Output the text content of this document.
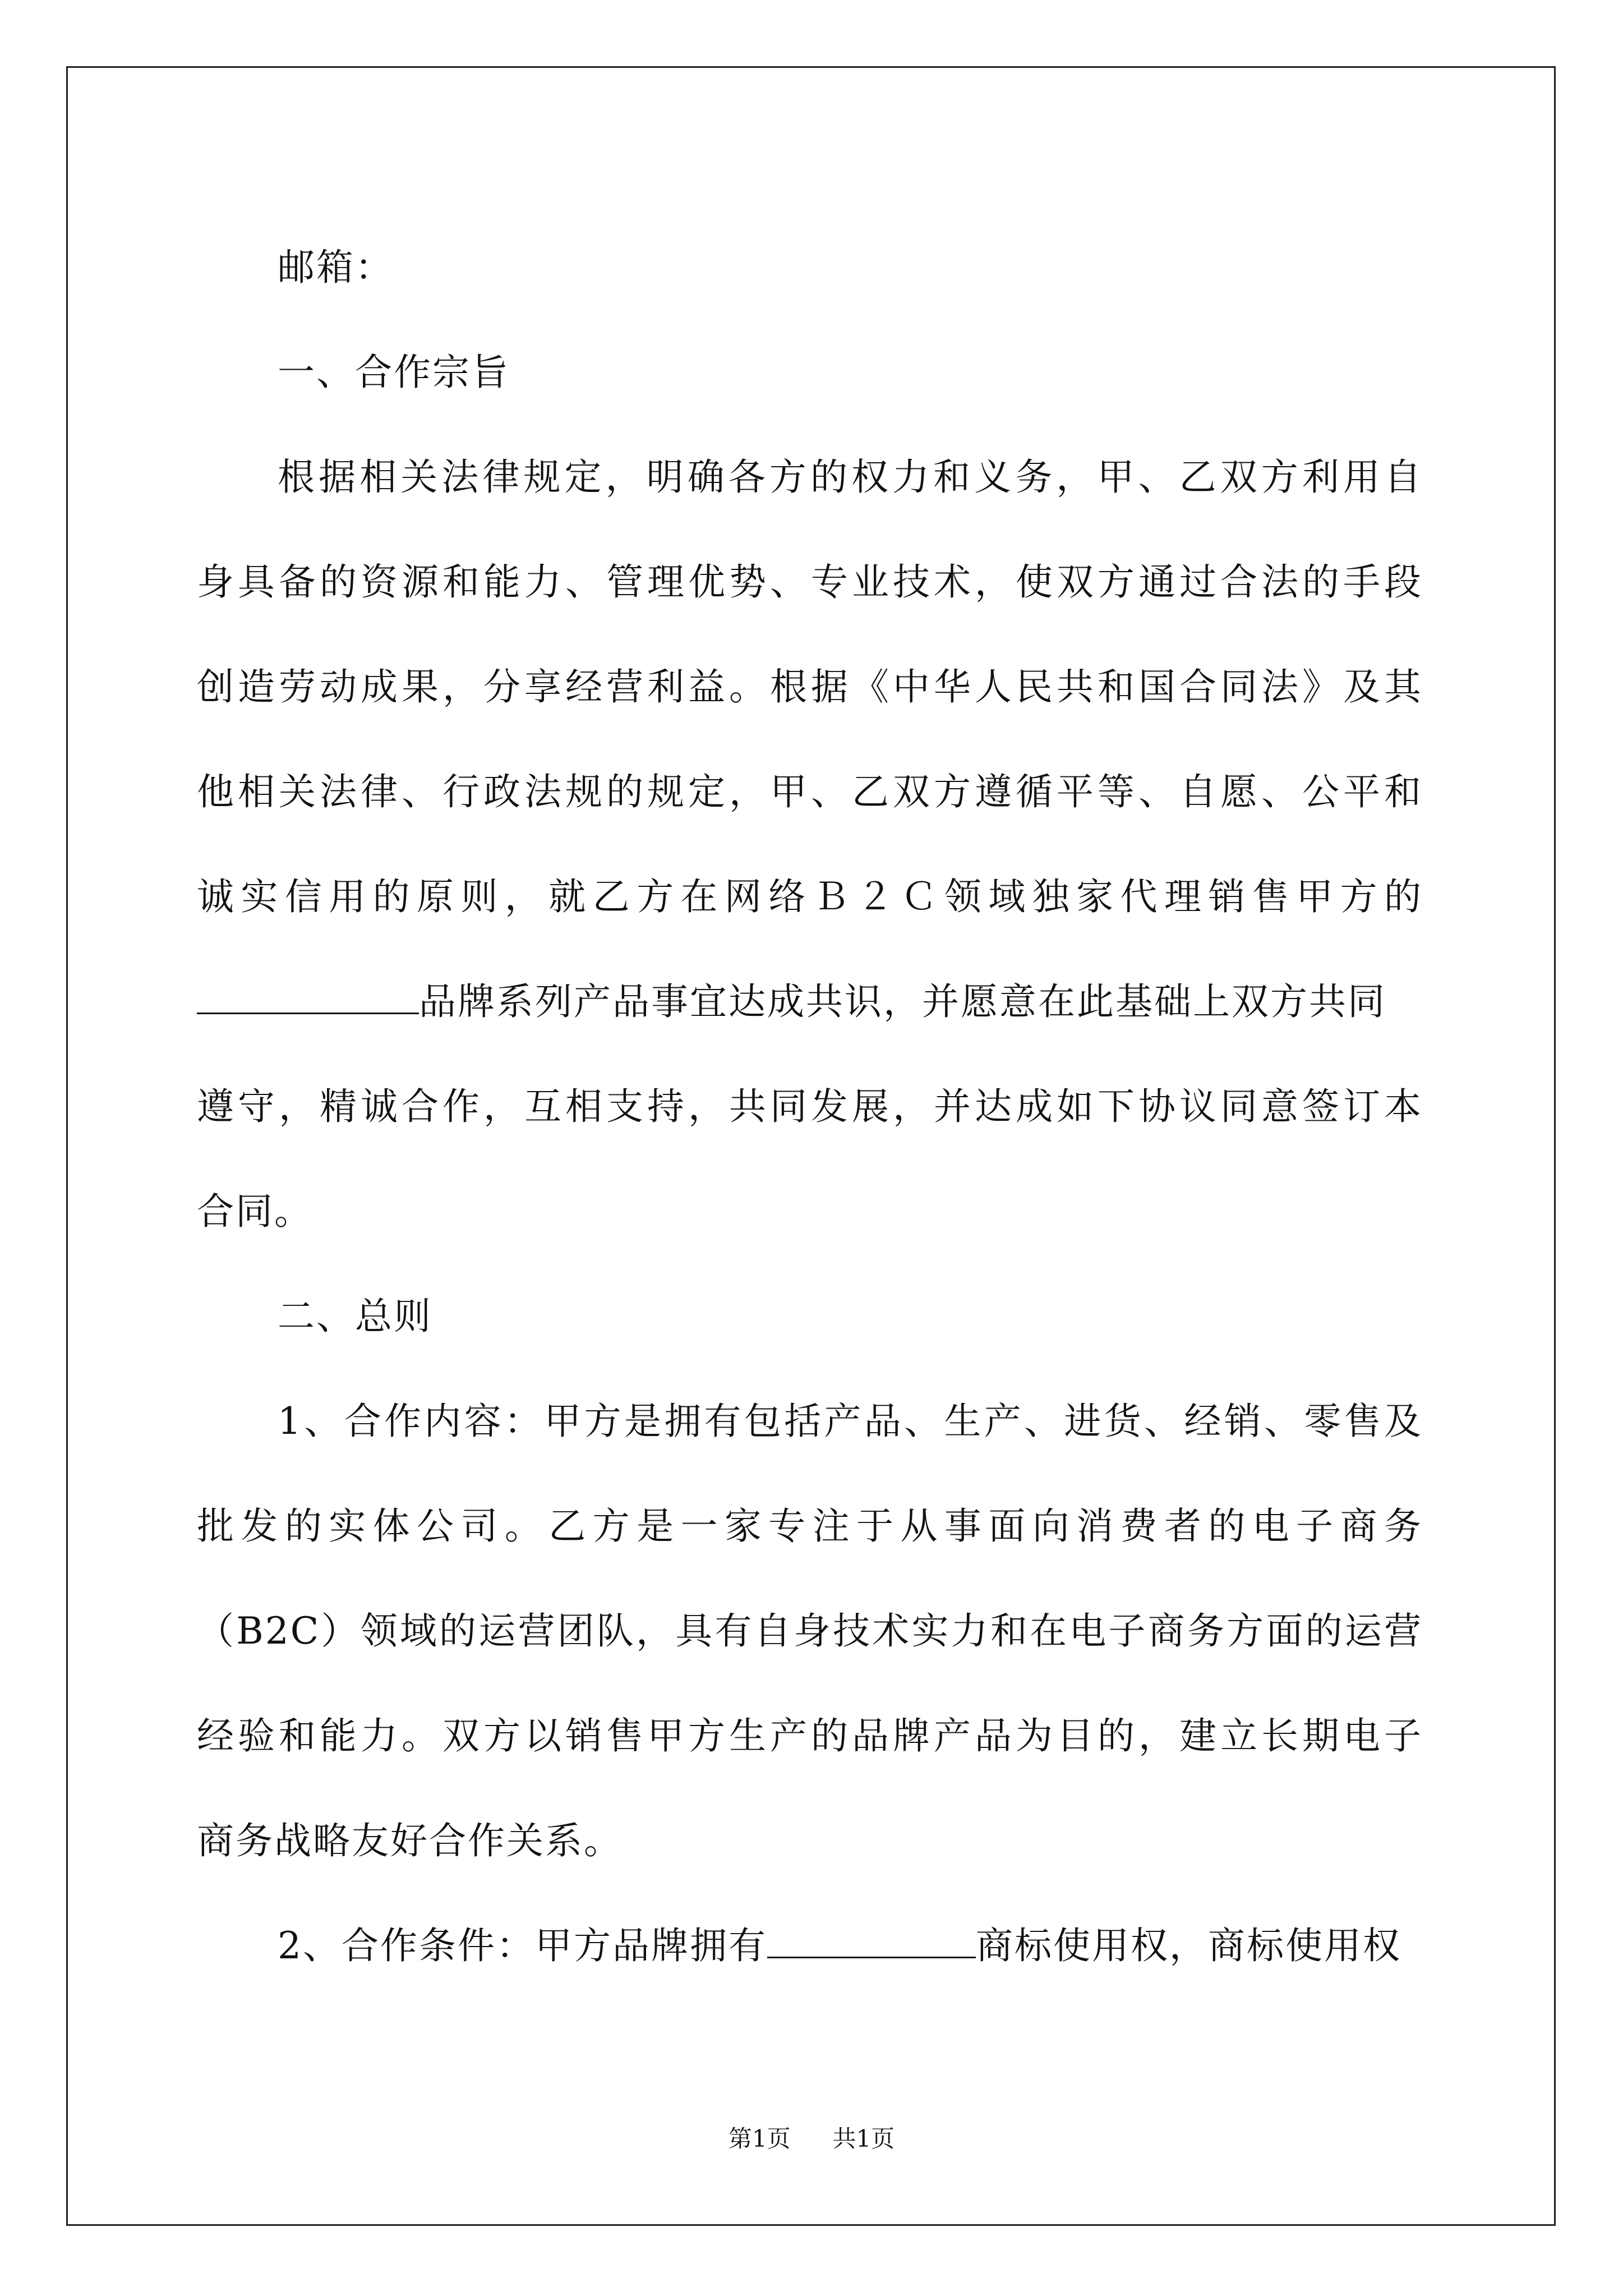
邮箱：

一、合作宗旨

根据相关法律规定，明确各方的权力和义务，甲、乙双方利用自
身具备的资源和能力、管理优势、专业技术，使双方通过合法的手段
创造劳动成果，分享经营利益。根据《中华人民共和国合同法》及其
他相关法律、行政法规的规定，甲、乙双方遵循平等、自愿、公平和
诚实信用的原则，就乙方在网络Ｂ２Ｃ领域独家代理销售甲方的
品牌系列产品事宜达成共识，并愿意在此基础上双方共同
遵守，精诚合作，互相支持，共同发展，并达成如下协议同意签订本
合同。

二、总则

1、合作内容：甲方是拥有包括产品、生产、进货、经销、零售及
批发的实体公司。乙方是一家专注于从事面向消费者的电子商务
（B2C）领域的运营团队，具有自身技术实力和在电子商务方面的运营
经验和能力。双方以销售甲方生产的品牌产品为目的，建立长期电子
商务战略友好合作关系。

2、合作条件：甲方品牌拥有	商标使用权，商标使用权

第1页 共1页
